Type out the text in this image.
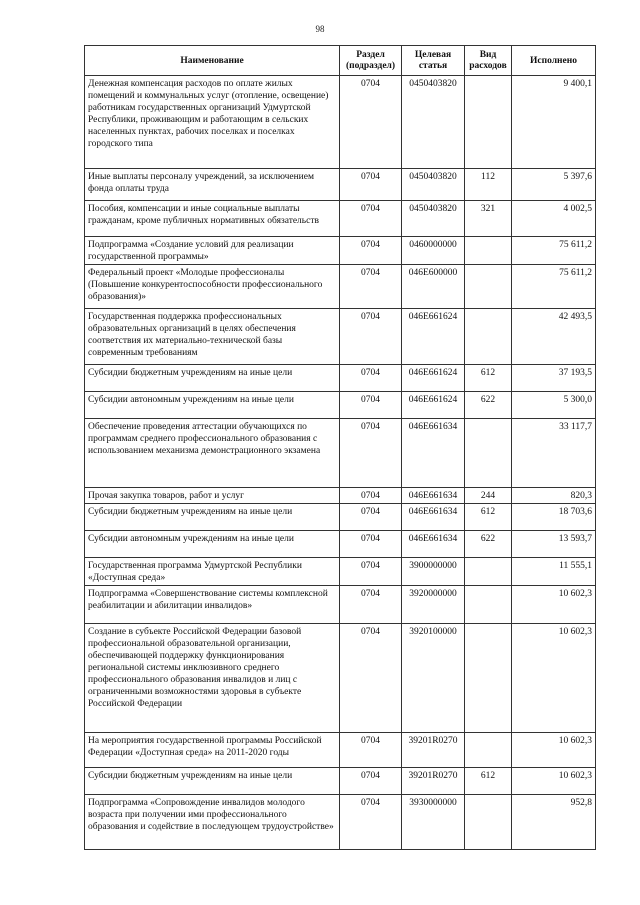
98
Наименование	Раздел (подраздел)	Целевая статья	Вид расходов	Исполнено
Денежная компенсация расходов по оплате жилых помещений и коммунальных услуг (отопление, освещение) работникам государственных организаций Удмуртской Республики, проживающим и работающим в сельских населенных пунктах, рабочих поселках и поселках городского типа	0704	0450403820		9 400,1
Иные выплаты персоналу учреждений, за исключением фонда оплаты труда	0704	0450403820	112	5 397,6
Пособия, компенсации и иные социальные выплаты гражданам, кроме публичных нормативных обязательств	0704	0450403820	321	4 002,5
Подпрограмма «Создание условий для реализации государственной программы»	0704	0460000000		75 611,2
Федеральный проект «Молодые профессионалы (Повышение конкурентоспособности профессионального образования)»	0704	046E600000		75 611,2
Государственная поддержка профессиональных образовательных организаций в целях обеспечения соответствия их материально-технической базы современным требованиям	0704	046E661624		42 493,5
Субсидии бюджетным учреждениям на иные цели	0704	046E661624	612	37 193,5
Субсидии автономным учреждениям на иные цели	0704	046E661624	622	5 300,0
Обеспечение проведения аттестации обучающихся по программам среднего профессионального образования с использованием механизма демонстрационного экзамена	0704	046E661634		33 117,7
Прочая закупка товаров, работ и услуг	0704	046E661634	244	820,3
Субсидии бюджетным учреждениям на иные цели	0704	046E661634	612	18 703,6
Субсидии автономным учреждениям на иные цели	0704	046E661634	622	13 593,7
Государственная программа Удмуртской Республики «Доступная среда»	0704	3900000000		11 555,1
Подпрограмма «Совершенствование системы комплексной реабилитации и абилитации инвалидов»	0704	3920000000		10 602,3
Создание в субъекте Российской Федерации базовой профессиональной образовательной организации, обеспечивающей поддержку функционирования региональной системы инклюзивного среднего профессионального образования инвалидов и лиц с ограниченными возможностями здоровья в субъекте Российской Федерации	0704	3920100000		10 602,3
На мероприятия государственной программы Российской Федерации «Доступная среда» на 2011-2020 годы	0704	39201R0270		10 602,3
Субсидии бюджетным учреждениям на иные цели	0704	39201R0270	612	10 602,3
Подпрограмма «Сопровождение инвалидов молодого возраста при получении ими профессионального образования и содействие в последующем трудоустройстве»	0704	3930000000		952,8
